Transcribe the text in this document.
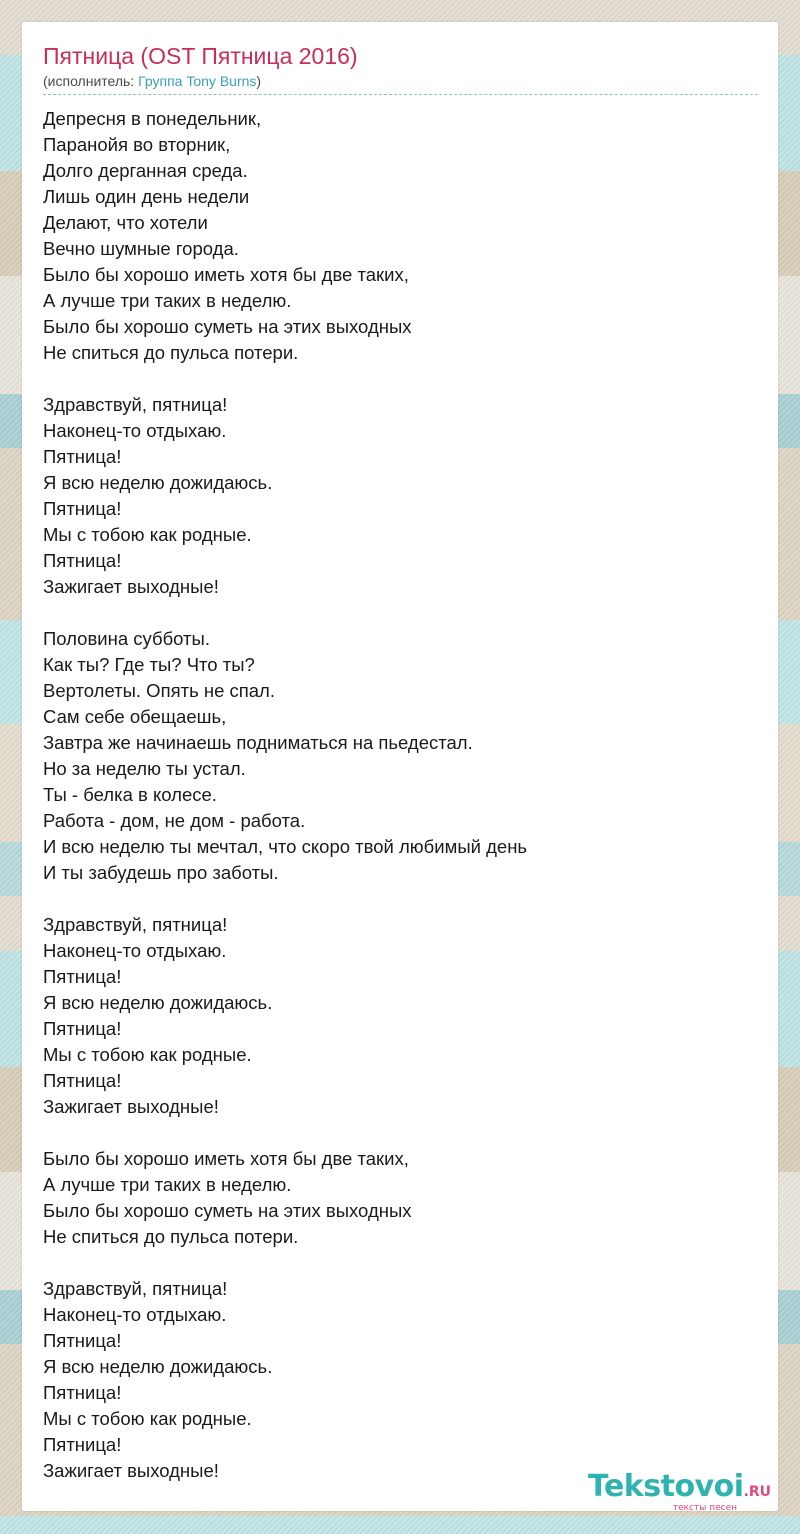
Пятница (OST Пятница 2016)
(исполнитель: Группа Tony Burns)
Депресня в понедельник,
Паранойя во вторник,
Долго дерганная среда.
Лишь один день недели
Делают, что хотели
Вечно шумные города.
Было бы хорошо иметь хотя бы две таких,
А лучше три таких в неделю.
Было бы хорошо суметь на этих выходных
Не спиться до пульса потери.
Здравствуй, пятница!
Наконец-то отдыхаю.
Пятница!
Я всю неделю дожидаюсь.
Пятница!
Мы с тобою как родные.
Пятница!
Зажигает выходные!
Половина субботы.
Как ты? Где ты? Что ты?
Вертолеты. Опять не спал.
Сам себе обещаешь,
Завтра же начинаешь подниматься на пьедестал.
Но за неделю ты устал.
Ты - белка в колесе.
Работа - дом, не дом - работа.
И всю неделю ты мечтал, что скоро твой любимый день
И ты забудешь про заботы.
Здравствуй, пятница!
Наконец-то отдыхаю.
Пятница!
Я всю неделю дожидаюсь.
Пятница!
Мы с тобою как родные.
Пятница!
Зажигает выходные!
Было бы хорошо иметь хотя бы две таких,
А лучше три таких в неделю.
Было бы хорошо суметь на этих выходных
Не спиться до пульса потери.
Здравствуй, пятница!
Наконец-то отдыхаю.
Пятница!
Я всю неделю дожидаюсь.
Пятница!
Мы с тобою как родные.
Пятница!
Зажигает выходные!	Tekstovoi.RU
тексты песен
